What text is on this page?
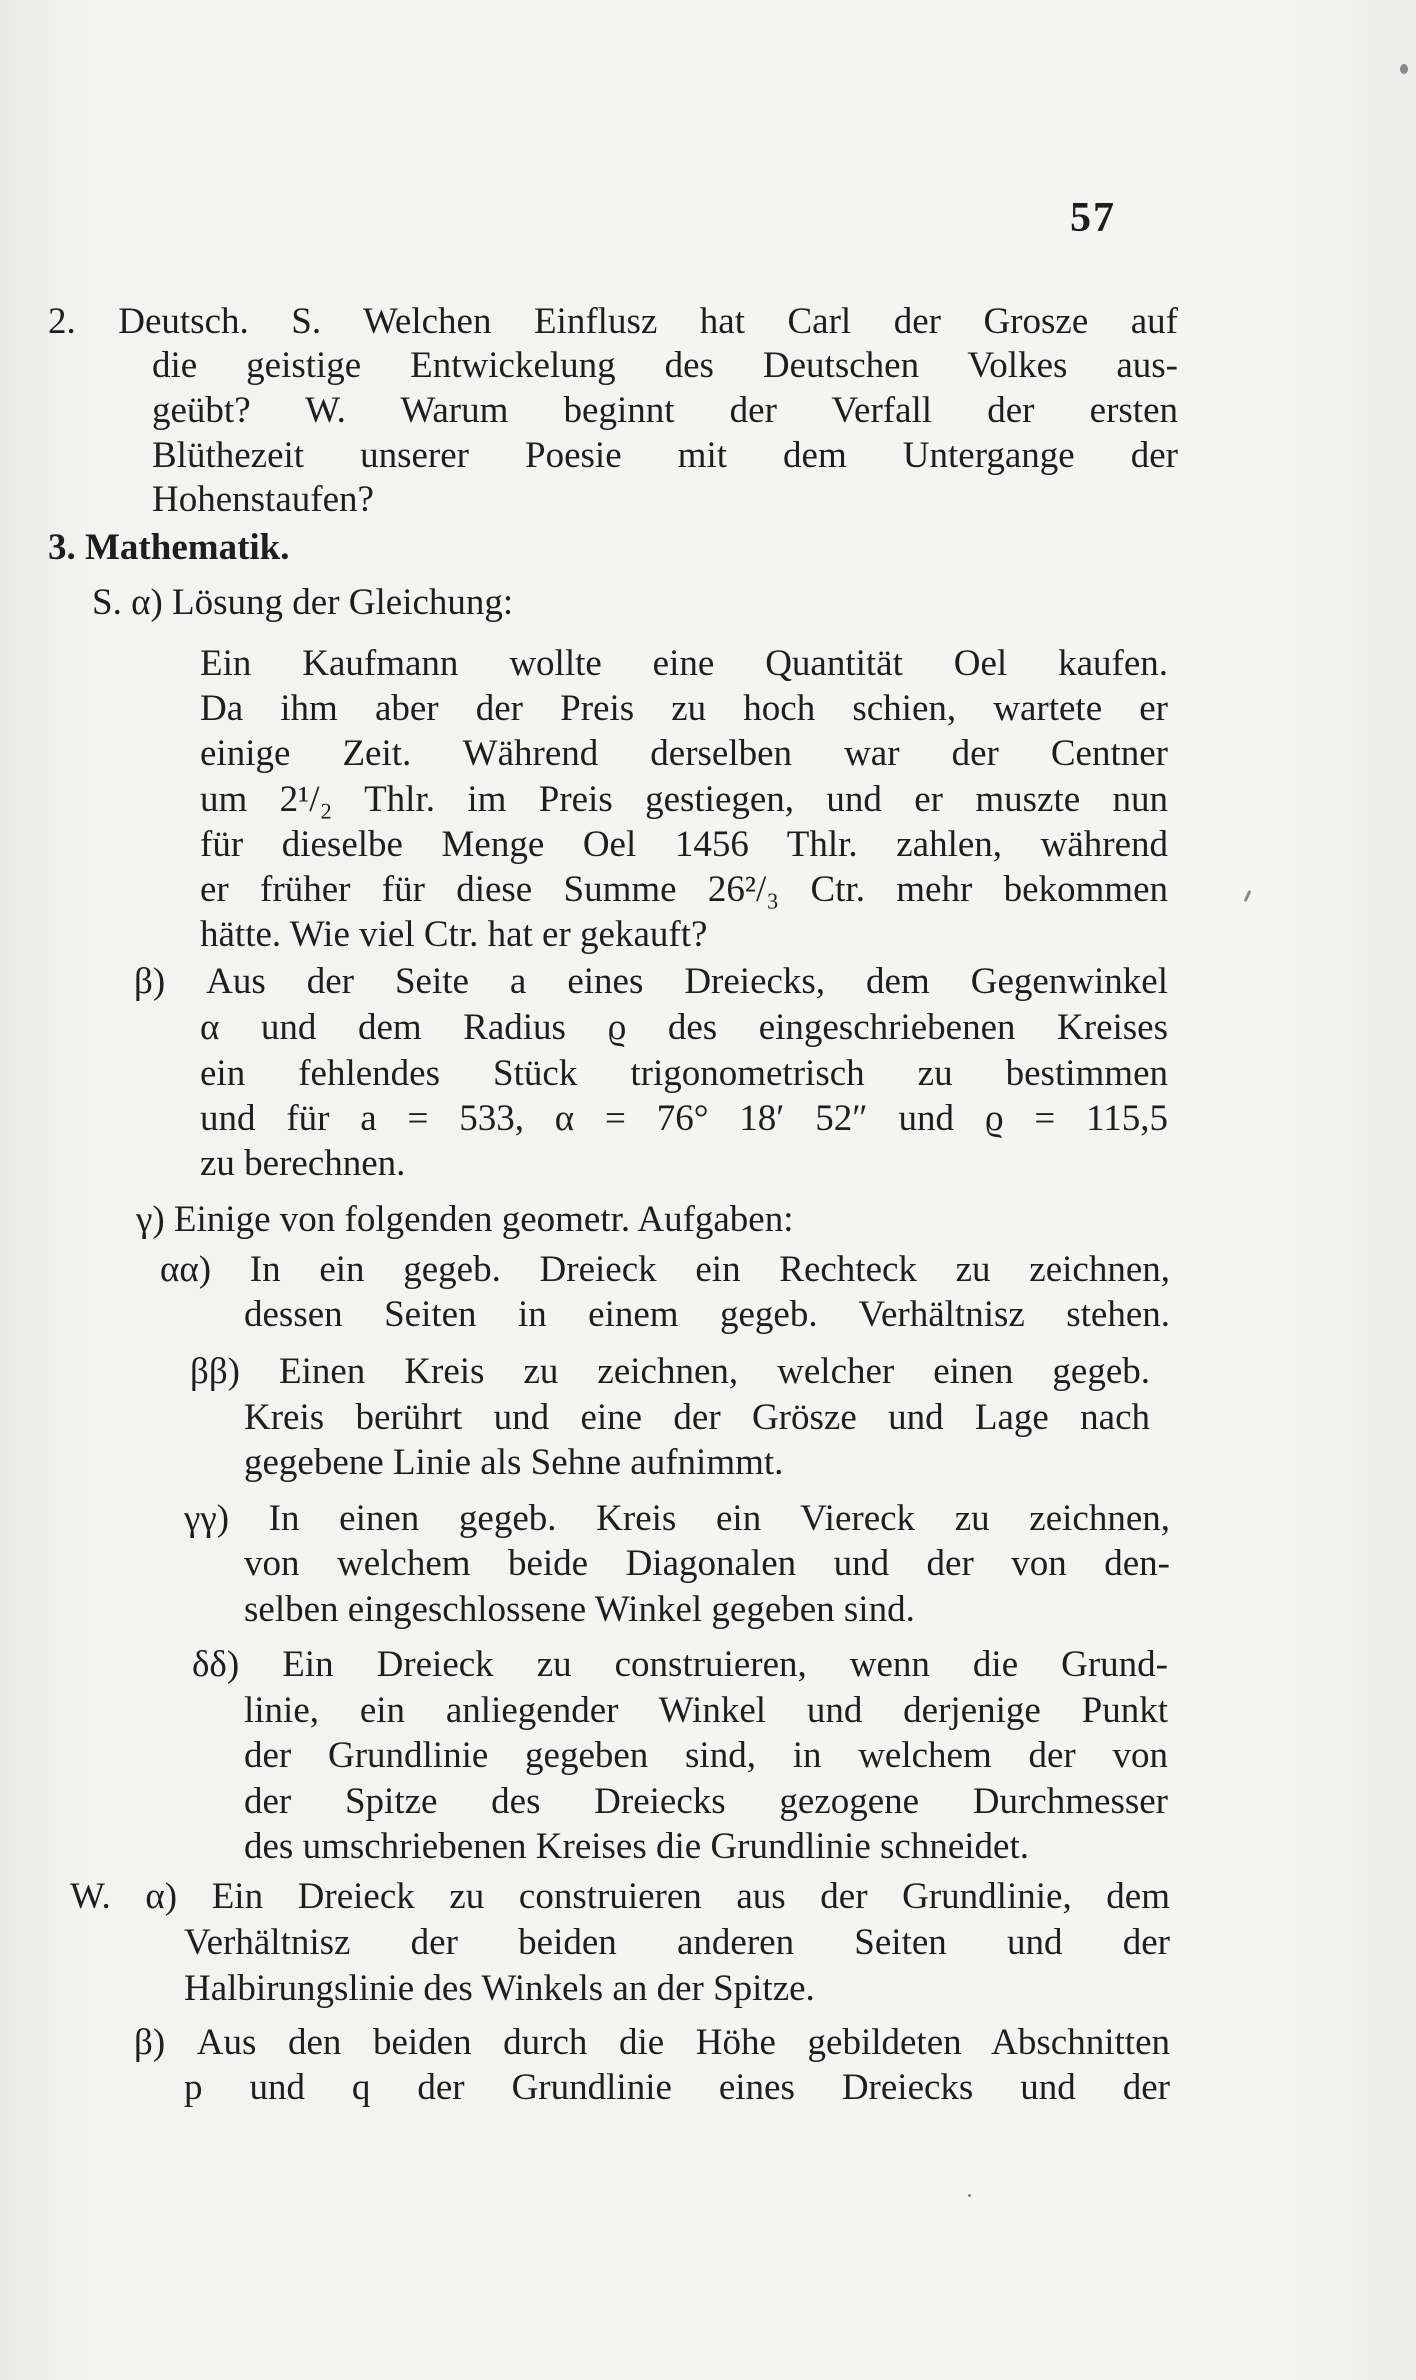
57
2. Deutsch. S. Welchen Einflusz hat Carl der Grosze auf
die geistige Entwickelung des Deutschen Volkes aus-
geübt? W. Warum beginnt der Verfall der ersten
Blüthezeit unserer Poesie mit dem Untergange der
Hohenstaufen?
3. Mathematik.
S. α) Lösung der Gleichung:
Ein Kaufmann wollte eine Quantität Oel kaufen.
Da ihm aber der Preis zu hoch schien, wartete er
einige Zeit. Während derselben war der Centner
um 2¹/₂ Thlr. im Preis gestiegen, und er muszte nun
für dieselbe Menge Oel 1456 Thlr. zahlen, während
er früher für diese Summe 26²/₃ Ctr. mehr bekommen
hätte. Wie viel Ctr. hat er gekauft?
β) Aus der Seite a eines Dreiecks, dem Gegenwinkel
α und dem Radius ϱ des eingeschriebenen Kreises
ein fehlendes Stück trigonometrisch zu bestimmen
und für a = 533, α = 76° 18′ 52″ und ϱ = 115,5
zu berechnen.
γ) Einige von folgenden geometr. Aufgaben:
αα) In ein gegeb. Dreieck ein Rechteck zu zeichnen,
dessen Seiten in einem gegeb. Verhältnisz stehen.
ββ) Einen Kreis zu zeichnen, welcher einen gegeb.
Kreis berührt und eine der Grösze und Lage nach
gegebene Linie als Sehne aufnimmt.
γγ) In einen gegeb. Kreis ein Viereck zu zeichnen,
von welchem beide Diagonalen und der von den-
selben eingeschlossene Winkel gegeben sind.
δδ) Ein Dreieck zu construieren, wenn die Grund-
linie, ein anliegender Winkel und derjenige Punkt
der Grundlinie gegeben sind, in welchem der von
der Spitze des Dreiecks gezogene Durchmesser
des umschriebenen Kreises die Grundlinie schneidet.
W. α) Ein Dreieck zu construieren aus der Grundlinie, dem
Verhältnisz der beiden anderen Seiten und der
Halbirungslinie des Winkels an der Spitze.
β) Aus den beiden durch die Höhe gebildeten Abschnitten
p und q der Grundlinie eines Dreiecks und der
